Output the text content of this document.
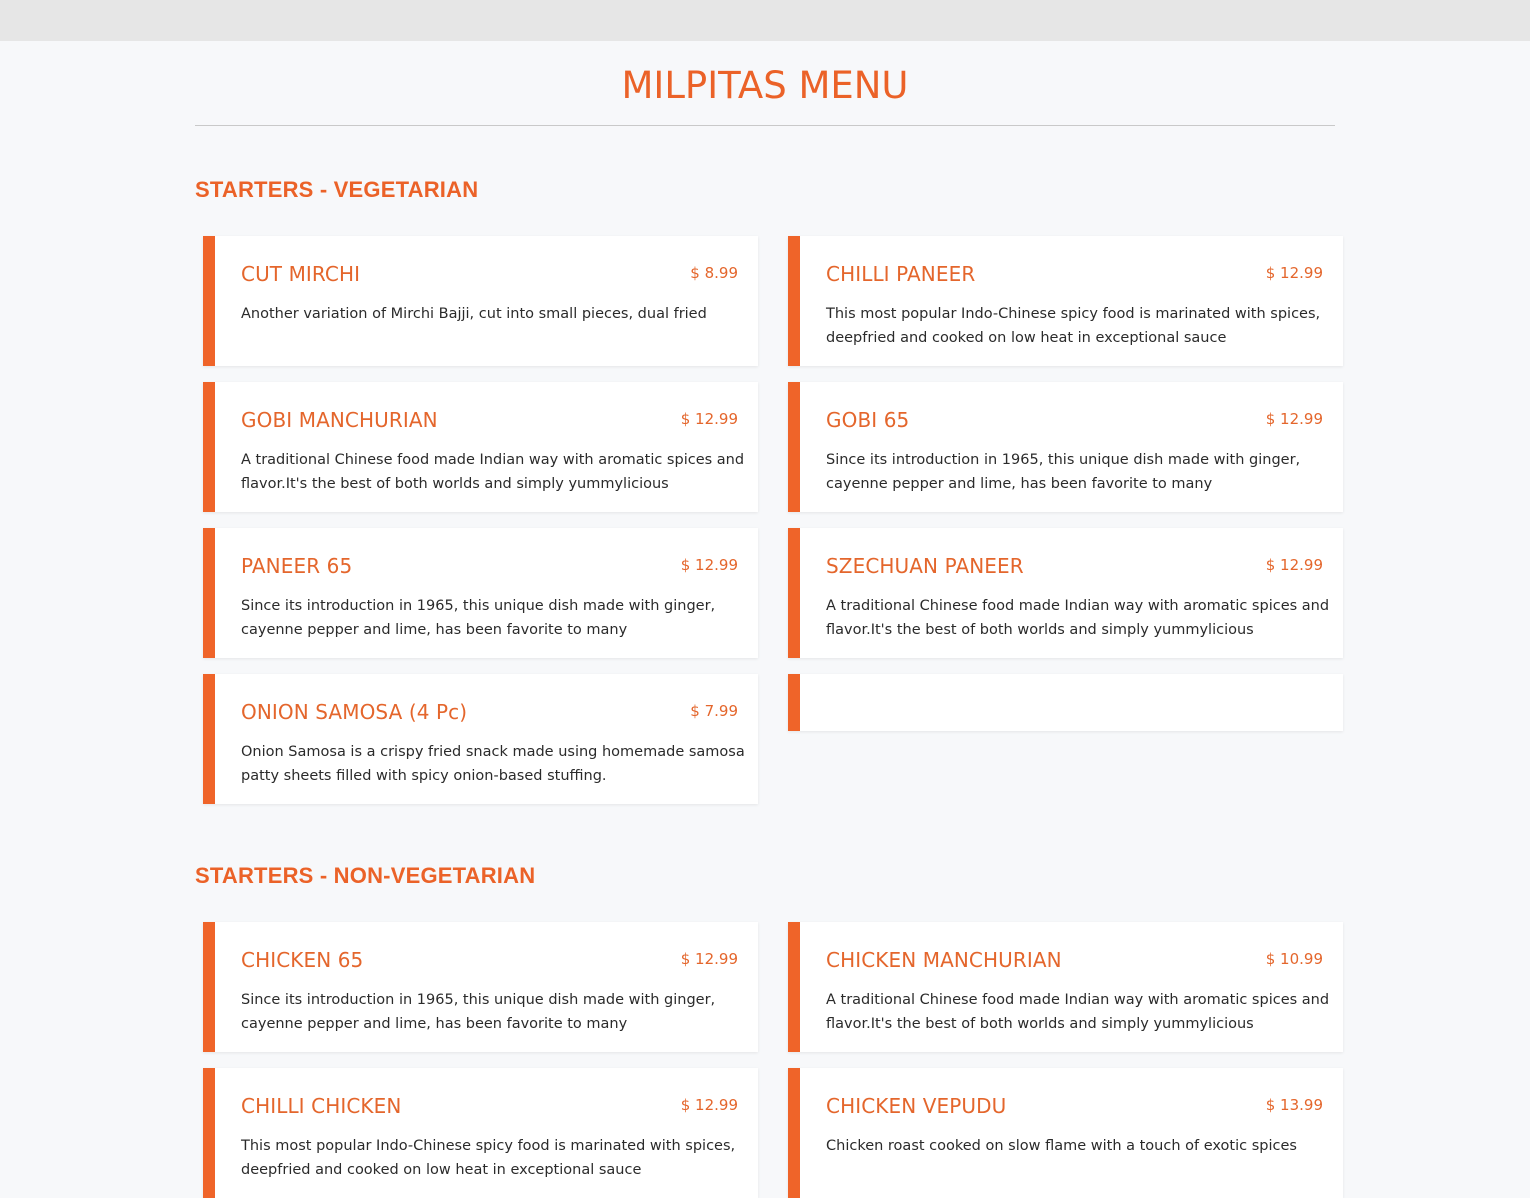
MILPITAS MENU
STARTERS - VEGETARIAN
CUT MIRCHI	$ 8.99
Another variation of Mirchi Bajji, cut into small pieces, dual fried
CHILLI PANEER	$ 12.99
This most popular Indo-Chinese spicy food is marinated with spices, deepfried and cooked on low heat in exceptional sauce
GOBI MANCHURIAN	$ 12.99
A traditional Chinese food made Indian way with aromatic spices and flavor.It's the best of both worlds and simply yummylicious
GOBI 65	$ 12.99
Since its introduction in 1965, this unique dish made with ginger, cayenne pepper and lime, has been favorite to many
PANEER 65	$ 12.99
Since its introduction in 1965, this unique dish made with ginger, cayenne pepper and lime, has been favorite to many
SZECHUAN PANEER	$ 12.99
A traditional Chinese food made Indian way with aromatic spices and flavor.It's the best of both worlds and simply yummylicious
ONION SAMOSA (4 Pc)	$ 7.99
Onion Samosa is a crispy fried snack made using homemade samosa patty sheets filled with spicy onion-based stuffing.
STARTERS - NON-VEGETARIAN
CHICKEN 65	$ 12.99
Since its introduction in 1965, this unique dish made with ginger, cayenne pepper and lime, has been favorite to many
CHICKEN MANCHURIAN	$ 10.99
A traditional Chinese food made Indian way with aromatic spices and flavor.It's the best of both worlds and simply yummylicious
CHILLI CHICKEN	$ 12.99
This most popular Indo-Chinese spicy food is marinated with spices, deepfried and cooked on low heat in exceptional sauce
CHICKEN VEPUDU	$ 13.99
Chicken roast cooked on slow flame with a touch of exotic spices
